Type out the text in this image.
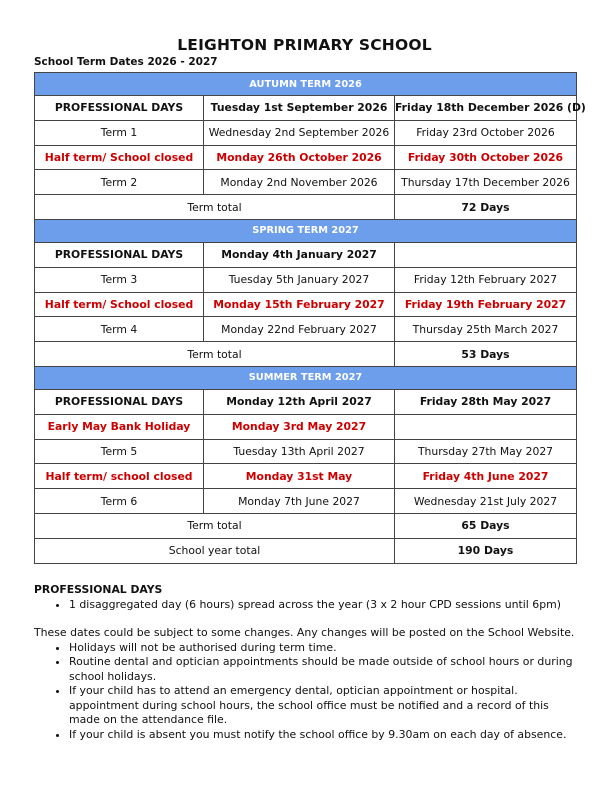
LEIGHTON PRIMARY SCHOOL
School Term Dates 2026 - 2027
AUTUMN TERM 2026		
PROFESSIONAL DAYS	Tuesday 1st September 2026	Friday 18th December 2026 (D)
Term 1	Wednesday 2nd September 2026	Friday 23rd October 2026
Half term/ School closed	Monday 26th October 2026	Friday 30th October 2026
Term 2	Monday 2nd November 2026	Thursday 17th December 2026
Term total		72 Days
SPRING TERM 2027		
PROFESSIONAL DAYS	Monday 4th January 2027	
Term 3	Tuesday 5th January 2027	Friday 12th February 2027
Half term/ School closed	Monday 15th February 2027	Friday 19th February 2027
Term 4	Monday 22nd February 2027	Thursday 25th March 2027
Term total		53 Days
SUMMER TERM 2027		
PROFESSIONAL DAYS	Monday 12th April 2027	Friday 28th May 2027
Early May Bank Holiday	Monday 3rd May 2027	
Term 5	Tuesday 13th April 2027	Thursday 27th May 2027
Half term/ school closed	Monday 31st May	Friday 4th June 2027
Term 6	Monday 7th June 2027	Wednesday 21st July 2027
Term total		65 Days
School year total		190 Days
PROFESSIONAL DAYS
• 1 disaggregated day (6 hours) spread across the year (3 x 2 hour CPD sessions until 6pm)

These dates could be subject to some changes. Any changes will be posted on the School Website.

• Holidays will not be authorised during term time.
• Routine dental and optician appointments should be made outside of school hours or during school holidays.
• If your child has to attend an emergency dental, optician appointment or hospital. appointment during school hours, the school office must be notified and a record of this made on the attendance file.
• If your child is absent you must notify the school office by 9.30am on each day of absence.
